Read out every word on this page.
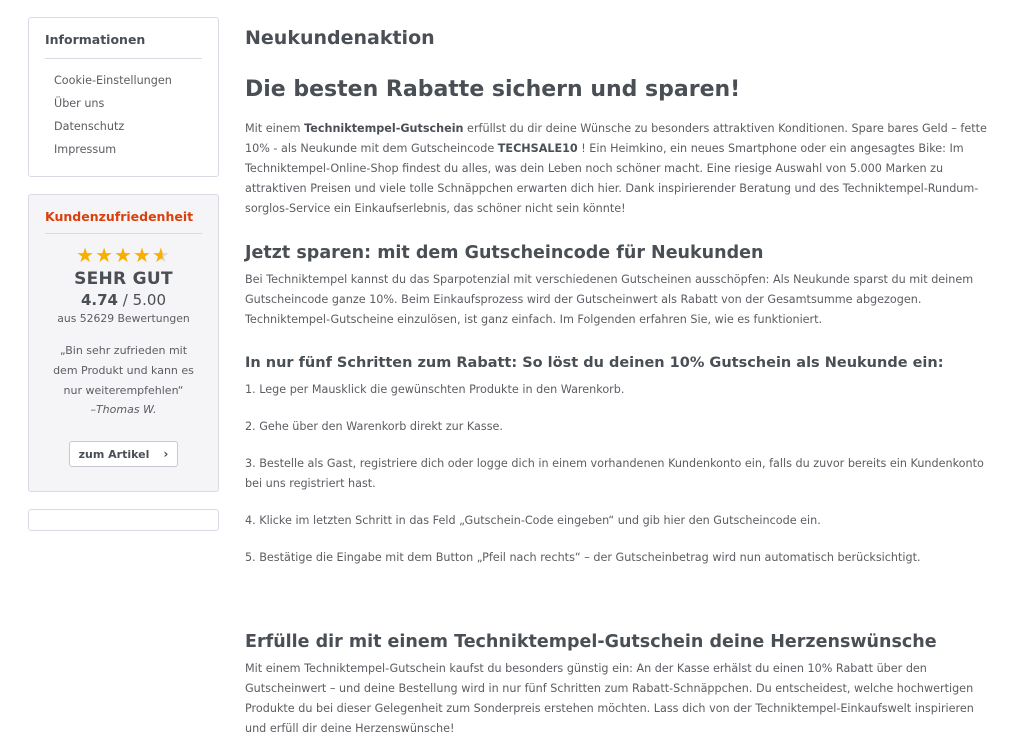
Informationen
Cookie-Einstellungen
Über uns
Datenschutz
Impressum
Kundenzufriedenheit
★★★★★
SEHR GUT
4.74 / 5.00
aus 52629 Bewertungen
„Bin sehr zufrieden mit dem Produkt und kann es nur weiterempfehlen“
–Thomas W.
zum Artikel ›
Neukundenaktion
Die besten Rabatte sichern und sparen!

Mit einem Techniktempel-Gutschein erfüllst du dir deine Wünsche zu besonders attraktiven Konditionen. Spare bares Geld – fette 10% - als Neukunde mit dem Gutscheincode TECHSALE10 ! Ein Heimkino, ein neues Smartphone oder ein angesagtes Bike: Im Techniktempel-Online-Shop findest du alles, was dein Leben noch schöner macht. Eine riesige Auswahl von 5.000 Marken zu attraktiven Preisen und viele tolle Schnäppchen erwarten dich hier. Dank inspirierender Beratung und des Techniktempel-Rundum-sorglos-Service ein Einkaufserlebnis, das schöner nicht sein könnte!

Jetzt sparen: mit dem Gutscheincode für Neukunden

Bei Techniktempel kannst du das Sparpotenzial mit verschiedenen Gutscheinen ausschöpfen: Als Neukunde sparst du mit deinem Gutscheincode ganze 10%. Beim Einkaufsprozess wird der Gutscheinwert als Rabatt von der Gesamtsumme abgezogen. Techniktempel-Gutscheine einzulösen, ist ganz einfach. Im Folgenden erfahren Sie, wie es funktioniert.

In nur fünf Schritten zum Rabatt: So löst du deinen 10% Gutschein als Neukunde ein:
1. Lege per Mausklick die gewünschten Produkte in den Warenkorb.
2. Gehe über den Warenkorb direkt zur Kasse.
3. Bestelle als Gast, registriere dich oder logge dich in einem vorhandenen Kundenkonto ein, falls du zuvor bereits ein Kundenkonto bei uns registriert hast.
4. Klicke im letzten Schritt in das Feld „Gutschein-Code eingeben“ und gib hier den Gutscheincode ein.
5. Bestätige die Eingabe mit dem Button „Pfeil nach rechts“ – der Gutscheinbetrag wird nun automatisch berücksichtigt.
Erfülle dir mit einem Techniktempel-Gutschein deine Herzenswünsche

Mit einem Techniktempel-Gutschein kaufst du besonders günstig ein: An der Kasse erhälst du einen 10% Rabatt über den Gutscheinwert – und deine Bestellung wird in nur fünf Schritten zum Rabatt-Schnäppchen. Du entscheidest, welche hochwertigen Produkte du bei dieser Gelegenheit zum Sonderpreis erstehen möchten. Lass dich von der Techniktempel-Einkaufswelt inspirieren und erfüll dir deine Herzenswünsche!
